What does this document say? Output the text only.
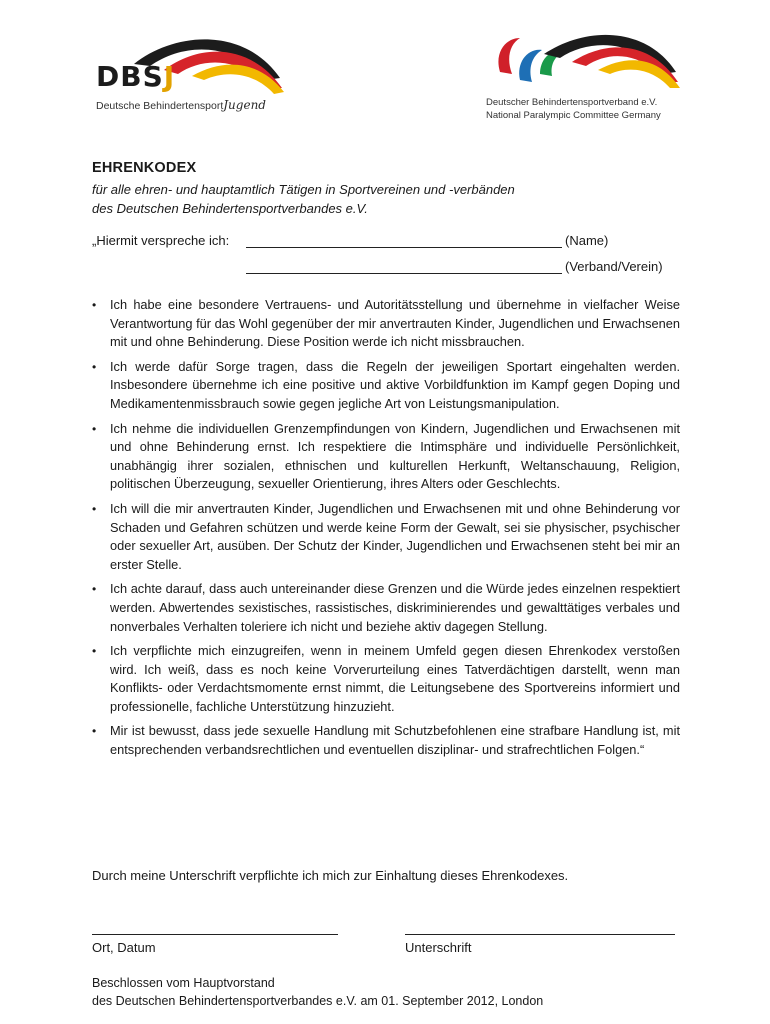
DBSJ
Deutsche BehindertensportJugend	Deutscher Behindertensportverband e.V.
National Paralympic Committee Germany
EHRENKODEX
für alle ehren- und hauptamtlich Tätigen in Sportvereinen und -verbänden
des Deutschen Behindertensportverbandes e.V.
„Hiermit verspreche ich:	(Name)
(Verband/Verein)
• Ich habe eine besondere Vertrauens- und Autoritätsstellung und übernehme in vielfacher Weise Verantwortung für das Wohl gegenüber der mir anvertrauten Kinder, Jugendlichen und Erwachsenen mit und ohne Behinderung. Diese Position werde ich nicht missbrauchen.
• Ich werde dafür Sorge tragen, dass die Regeln der jeweiligen Sportart eingehalten werden. Insbesondere übernehme ich eine positive und aktive Vorbildfunktion im Kampf gegen Doping und Medikamentenmissbrauch sowie gegen jegliche Art von Leistungsmanipulation.
• Ich nehme die individuellen Grenzempfindungen von Kindern, Jugendlichen und Erwachsenen mit und ohne Behinderung ernst. Ich respektiere die Intimsphäre und individuelle Persönlichkeit, unabhängig ihrer sozialen, ethnischen und kulturellen Herkunft, Weltanschauung, Religion, politischen Überzeugung, sexueller Orientierung, ihres Alters oder Geschlechts.
• Ich will die mir anvertrauten Kinder, Jugendlichen und Erwachsenen mit und ohne Behinderung vor Schaden und Gefahren schützen und werde keine Form der Gewalt, sei sie physischer, psychischer oder sexueller Art, ausüben. Der Schutz der Kinder, Jugendlichen und Erwachsenen steht bei mir an erster Stelle.
• Ich achte darauf, dass auch untereinander diese Grenzen und die Würde jedes einzelnen respektiert werden. Abwertendes sexistisches, rassistisches, diskriminierendes und gewalttätiges verbales und nonverbales Verhalten toleriere ich nicht und beziehe aktiv dagegen Stellung.
• Ich verpflichte mich einzugreifen, wenn in meinem Umfeld gegen diesen Ehrenkodex verstoßen wird. Ich weiß, dass es noch keine Vorverurteilung eines Tatverdächtigen darstellt, wenn man Konflikts- oder Verdachtsmomente ernst nimmt, die Leitungsebene des Sportvereins informiert und professionelle, fachliche Unterstützung hinzuzieht.
• Mir ist bewusst, dass jede sexuelle Handlung mit Schutzbefohlenen eine strafbare Handlung ist, mit entsprechenden verbandsrechtlichen und eventuellen disziplinar- und strafrechtlichen Folgen.“
Durch meine Unterschrift verpflichte ich mich zur Einhaltung dieses Ehrenkodexes.
Ort, Datum	Unterschrift
Beschlossen vom Hauptvorstand
des Deutschen Behindertensportverbandes e.V. am 01. September 2012, London
